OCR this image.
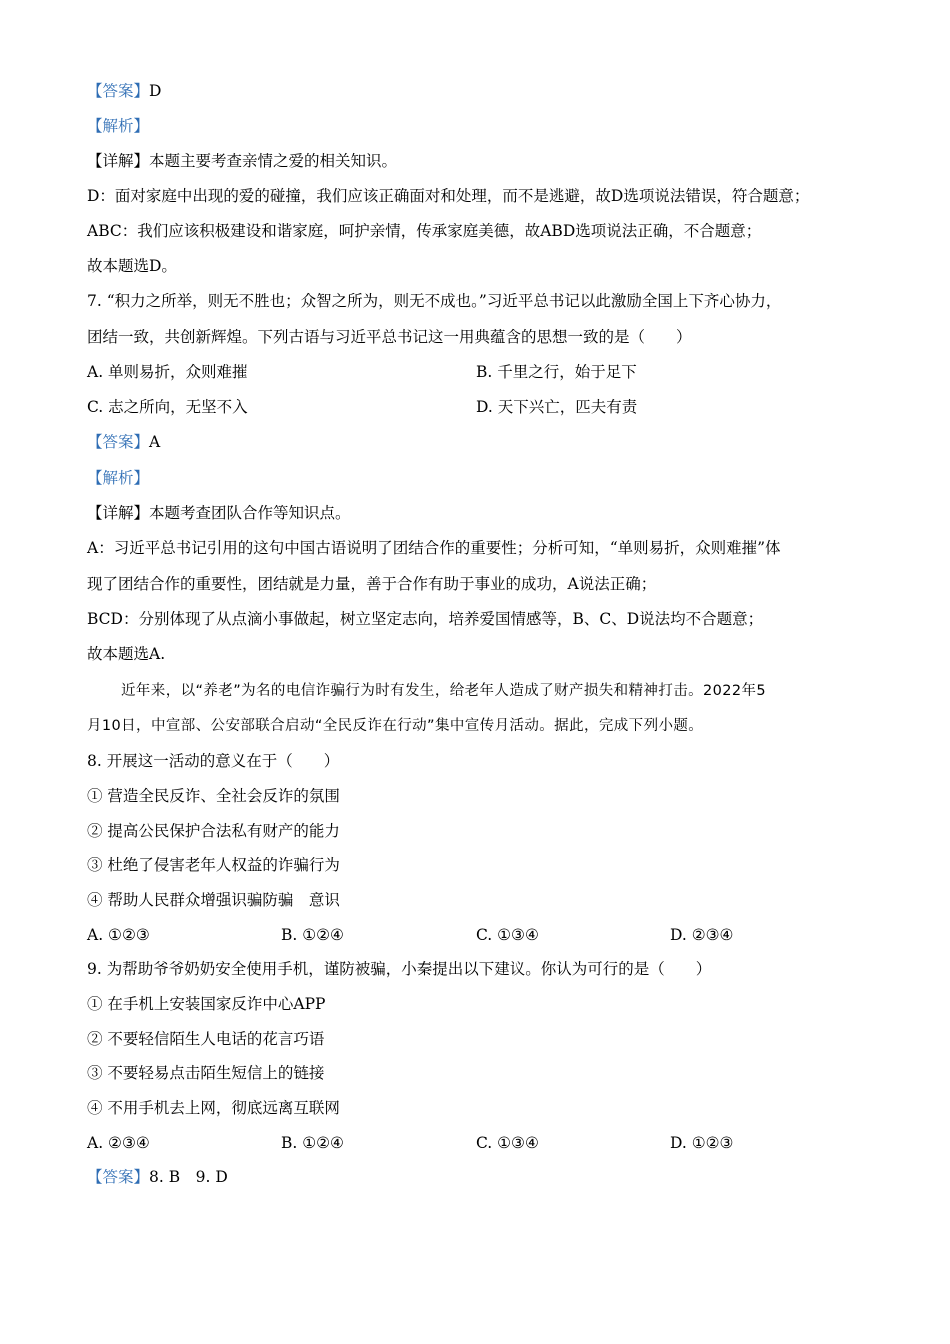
【答案】D
【解析】
【详解】本题主要考查亲情之爱的相关知识。
D：面对家庭中出现的爱的碰撞，我们应该正确面对和处理，而不是逃避，故D选项说法错误，符合题意；
ABC：我们应该积极建设和谐家庭，呵护亲情，传承家庭美德，故ABD选项说法正确，不合题意；
故本题选D。
7. “积力之所举，则无不胜也；众智之所为，则无不成也。”习近平总书记以此激励全国上下齐心协力，
团结一致，共创新辉煌。下列古语与习近平总书记这一用典蕴含的思想一致的是（　　）
A. 单则易折，众则难摧	B. 千里之行，始于足下
C. 志之所向，无坚不入	D. 天下兴亡，匹夫有责
【答案】A
【解析】
【详解】本题考查团队合作等知识点。
A：习近平总书记引用的这句中国古语说明了团结合作的重要性；分析可知，“单则易折，众则难摧”体
现了团结合作的重要性，团结就是力量，善于合作有助于事业的成功，A说法正确；
BCD：分别体现了从点滴小事做起，树立坚定志向，培养爱国情感等，B、C、D说法均不合题意；
故本题选A.
近年来，以“养老”为名的电信诈骗行为时有发生，给老年人造成了财产损失和精神打击。2022年5
月10日，中宣部、公安部联合启动“全民反诈在行动”集中宣传月活动。据此，完成下列小题。
8. 开展这一活动的意义在于（　　）
① 营造全民反诈、全社会反诈的氛围
② 提高公民保护合法私有财产的能力
③ 杜绝了侵害老年人权益的诈骗行为
④ 帮助人民群众增强识骗防骗　意识
A. ①②③	B. ①②④	C. ①③④	D. ②③④
9. 为帮助爷爷奶奶安全使用手机，谨防被骗，小秦提出以下建议。你认为可行的是（　　）
① 在手机上安装国家反诈中心APP
② 不要轻信陌生人电话的花言巧语
③ 不要轻易点击陌生短信上的链接
④ 不用手机去上网，彻底远离互联网
A. ②③④	B. ①②④	C. ①③④	D. ①②③
【答案】8. B　9. D
